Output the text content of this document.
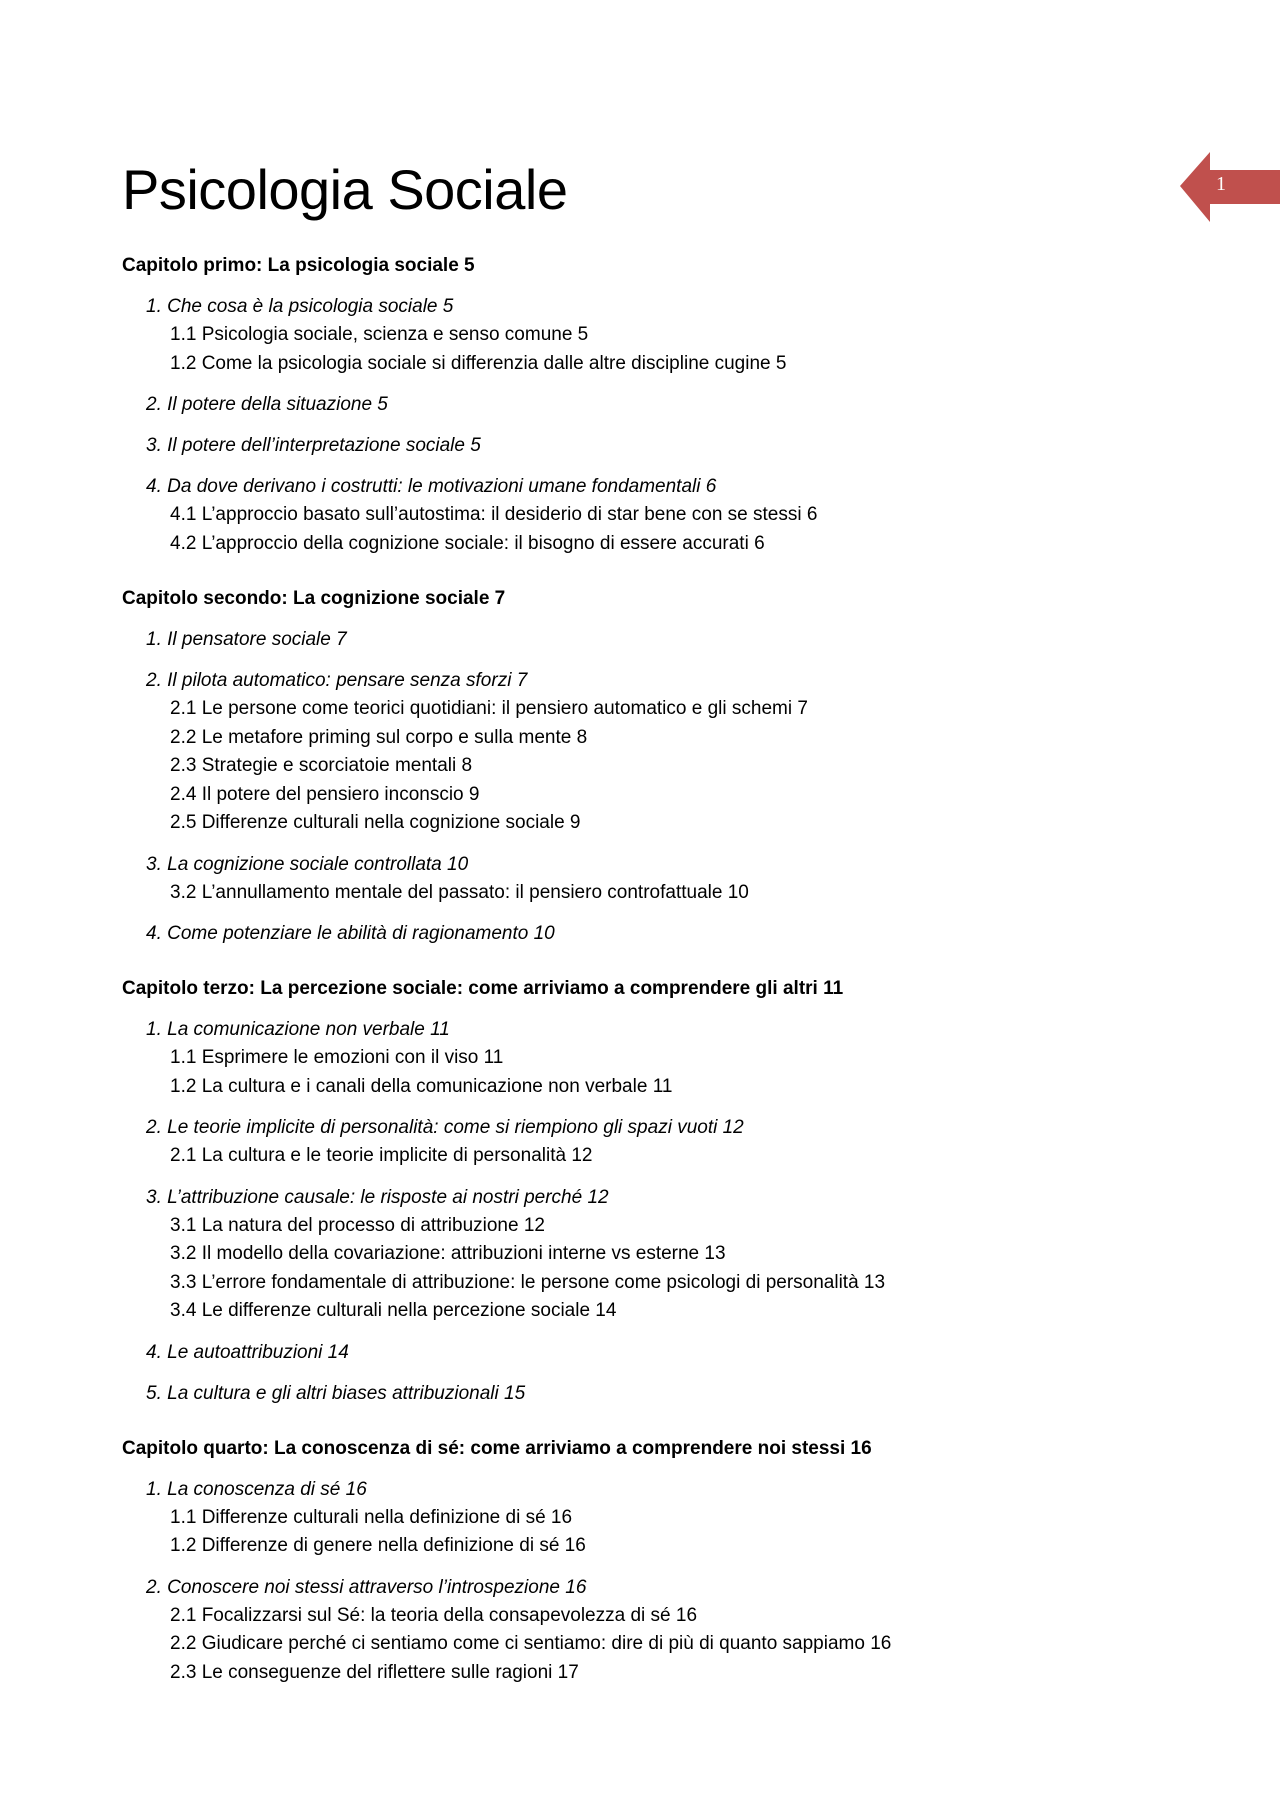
Psicologia Sociale	1
Capitolo primo: La psicologia sociale 5
1. Che cosa è la psicologia sociale 5
1.1 Psicologia sociale, scienza e senso comune 5
1.2 Come la psicologia sociale si differenzia dalle altre discipline cugine 5
2. Il potere della situazione 5
3. Il potere dell’interpretazione sociale 5
4. Da dove derivano i costrutti: le motivazioni umane fondamentali 6
4.1 L’approccio basato sull’autostima: il desiderio di star bene con se stessi 6
4.2 L’approccio della cognizione sociale: il bisogno di essere accurati 6
Capitolo secondo: La cognizione sociale 7
1. Il pensatore sociale 7
2. Il pilota automatico: pensare senza sforzi 7
2.1 Le persone come teorici quotidiani: il pensiero automatico e gli schemi 7
2.2 Le metafore priming sul corpo e sulla mente 8
2.3 Strategie e scorciatoie mentali 8
2.4 Il potere del pensiero inconscio 9
2.5 Differenze culturali nella cognizione sociale 9
3. La cognizione sociale controllata 10
3.2 L’annullamento mentale del passato: il pensiero controfattuale 10
4. Come potenziare le abilità di ragionamento 10
Capitolo terzo: La percezione sociale: come arriviamo a comprendere gli altri 11
1. La comunicazione non verbale 11
1.1 Esprimere le emozioni con il viso 11
1.2 La cultura e i canali della comunicazione non verbale 11
2. Le teorie implicite di personalità: come si riempiono gli spazi vuoti 12
2.1 La cultura e le teorie implicite di personalità 12
3. L’attribuzione causale: le risposte ai nostri perché 12
3.1 La natura del processo di attribuzione 12
3.2 Il modello della covariazione: attribuzioni interne vs esterne 13
3.3 L’errore fondamentale di attribuzione: le persone come psicologi di personalità 13
3.4 Le differenze culturali nella percezione sociale 14
4. Le autoattribuzioni 14
5. La cultura e gli altri biases attribuzionali 15
Capitolo quarto: La conoscenza di sé: come arriviamo a comprendere noi stessi 16
1. La conoscenza di sé 16
1.1 Differenze culturali nella definizione di sé 16
1.2 Differenze di genere nella definizione di sé 16
2. Conoscere noi stessi attraverso l’introspezione 16
2.1 Focalizzarsi sul Sé: la teoria della consapevolezza di sé 16
2.2 Giudicare perché ci sentiamo come ci sentiamo: dire di più di quanto sappiamo 16
2.3 Le conseguenze del riflettere sulle ragioni 17
